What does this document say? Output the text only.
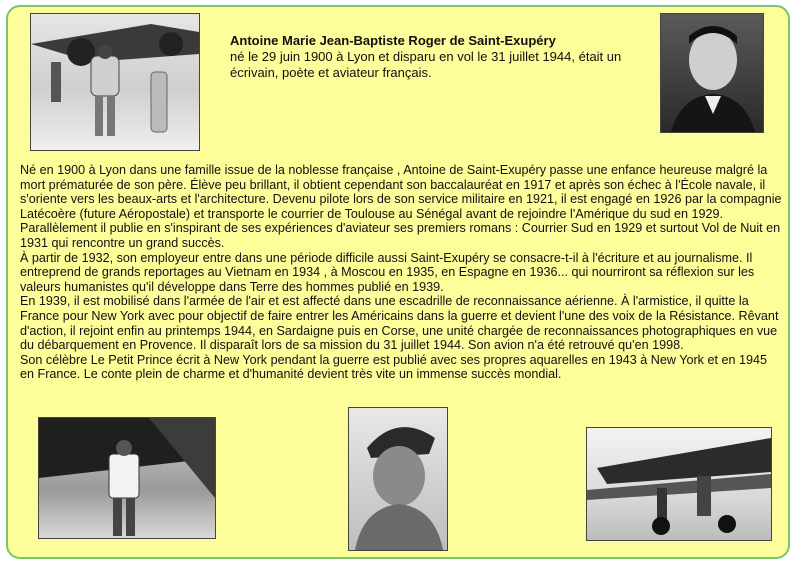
Antoine Marie Jean-Baptiste Roger de Saint-Exupéry
né le 29 juin 1900 à Lyon et disparu en vol le 31 juillet 1944, était un écrivain, poète et aviateur français.

Né en 1900 à Lyon dans une famille issue de la noblesse française , Antoine de Saint-Exupéry passe une enfance heureuse malgré la mort prématurée de son père. Élève peu brillant, il obtient cependant son baccalauréat en 1917 et après son échec à l'École navale, il s'oriente vers les beaux-arts et l'architecture. Devenu pilote lors de son service militaire en 1921, il est engagé en 1926 par la compagnie Latécoère (future Aéropostale) et transporte le courrier de Toulouse au Sénégal avant de rejoindre l'Amérique du sud en 1929. Parallèlement il publie en s'inspirant de ses expériences d'aviateur ses premiers romans : Courrier Sud en 1929 et surtout Vol de Nuit en 1931 qui rencontre un grand succès.

À partir de 1932, son employeur entre dans une période difficile aussi Saint-Exupéry se consacre-t-il à l'écriture et au journalisme. Il entreprend de grands reportages au Vietnam en 1934 , à Moscou en 1935, en Espagne en 1936... qui nourriront sa réflexion sur les valeurs humanistes qu'il développe dans Terre des hommes publié en 1939.

En 1939, il est mobilisé dans l'armée de l'air et est affecté dans une escadrille de reconnaissance aérienne. À l'armistice, il quitte la France pour New York avec pour objectif de faire entrer les Américains dans la guerre et devient l'une des voix de la Résistance. Rêvant d'action, il rejoint enfin au printemps 1944, en Sardaigne puis en Corse, une unité chargée de reconnaissances photographiques en vue du débarquement en Provence. Il disparaît lors de sa mission du 31 juillet 1944. Son avion n'a été retrouvé qu'en 1998.

Son célèbre Le Petit Prince écrit à New York pendant la guerre est publié avec ses propres aquarelles en 1943 à New York et en 1945 en France. Le conte plein de charme et d'humanité devient très vite un immense succès mondial.
